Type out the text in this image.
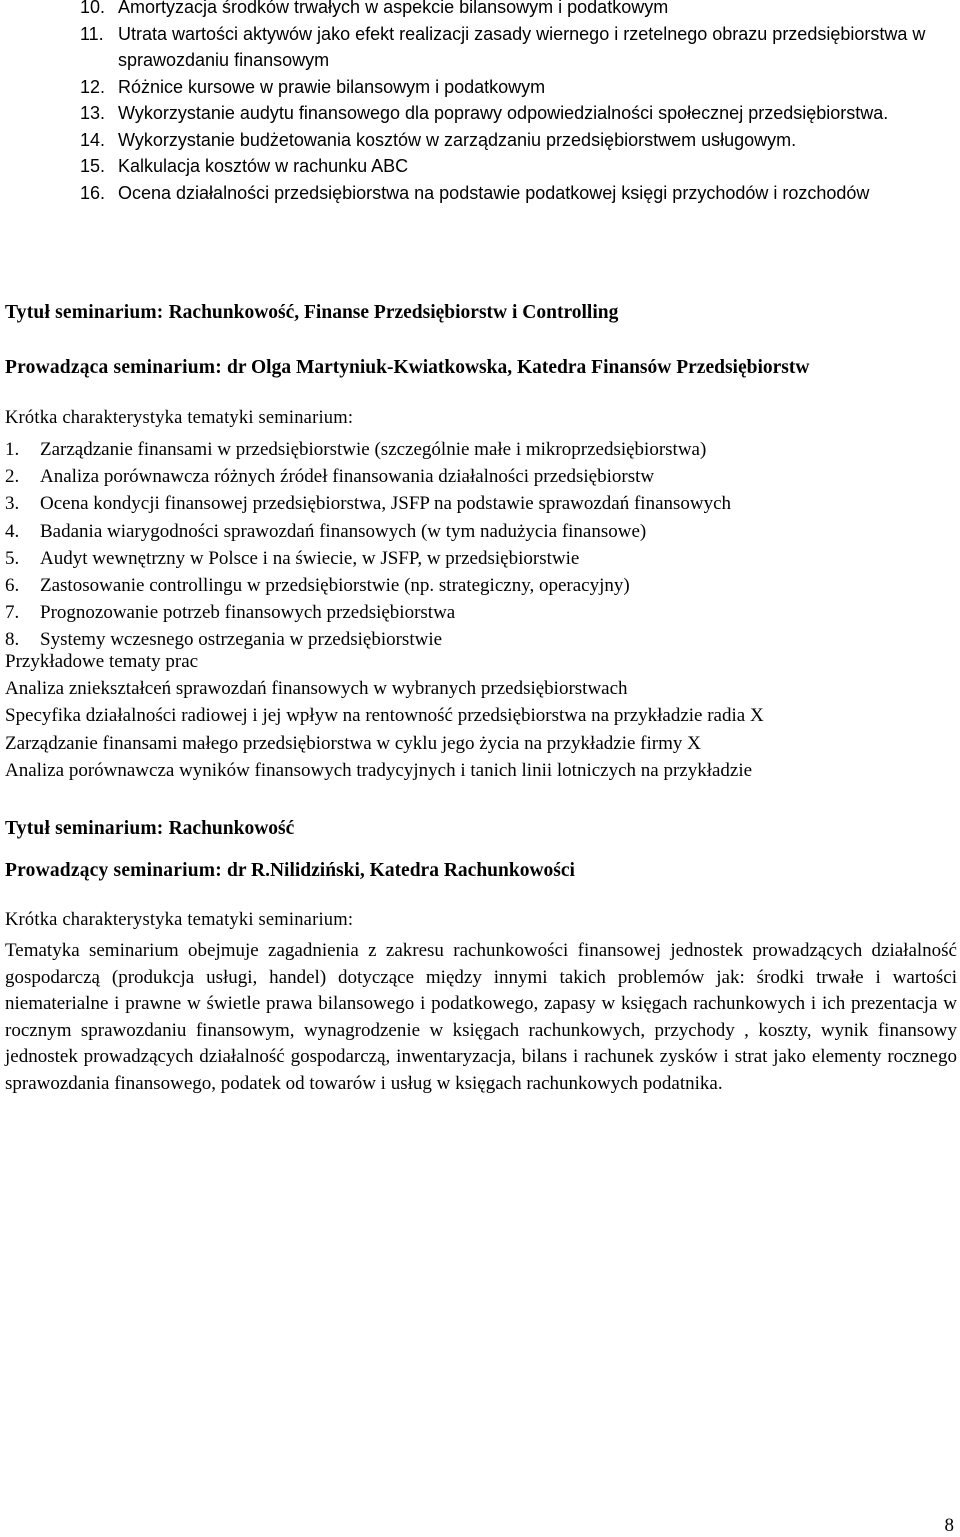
10. Amortyzacja środków trwałych w aspekcie bilansowym i podatkowym
11. Utrata wartości aktywów jako efekt realizacji zasady wiernego i rzetelnego obrazu przedsiębiorstwa w sprawozdaniu finansowym
12. Różnice kursowe w prawie bilansowym i podatkowym
13. Wykorzystanie audytu finansowego dla poprawy odpowiedzialności społecznej przedsiębiorstwa.
14. Wykorzystanie budżetowania kosztów w zarządzaniu przedsiębiorstwem usługowym.
15. Kalkulacja kosztów w rachunku ABC
16. Ocena działalności przedsiębiorstwa na podstawie podatkowej księgi przychodów i rozchodów
Tytuł seminarium: Rachunkowość, Finanse Przedsiębiorstw i Controlling
Prowadząca seminarium: dr Olga Martyniuk-Kwiatkowska, Katedra Finansów Przedsiębiorstw
Krótka charakterystyka tematyki seminarium:
1.	Zarządzanie finansami w przedsiębiorstwie (szczególnie małe i mikroprzedsiębiorstwa)
2.	Analiza porównawcza różnych źródeł finansowania działalności przedsiębiorstw
3.	Ocena kondycji finansowej przedsiębiorstwa, JSFP na podstawie sprawozdań finansowych
4.	Badania wiarygodności sprawozdań finansowych (w tym nadużycia finansowe)
5.	Audyt wewnętrzny w Polsce i na świecie, w JSFP, w przedsiębiorstwie
6.	Zastosowanie controllingu w przedsiębiorstwie (np. strategiczny, operacyjny)
7.	Prognozowanie potrzeb finansowych przedsiębiorstwa
8.	Systemy wczesnego ostrzegania w przedsiębiorstwie
Przykładowe tematy prac
Analiza zniekształceń sprawozdań finansowych w wybranych przedsiębiorstwach
Specyfika działalności radiowej i jej wpływ na rentowność przedsiębiorstwa na przykładzie radia X
Zarządzanie finansami małego przedsiębiorstwa w cyklu jego życia na przykładzie firmy X
Analiza porównawcza wyników finansowych tradycyjnych i tanich linii lotniczych na przykładzie
Tytuł seminarium: Rachunkowość
Prowadzący seminarium: dr R.Nilidziński, Katedra Rachunkowości
Krótka charakterystyka tematyki seminarium:
Tematyka seminarium obejmuje zagadnienia z zakresu rachunkowości finansowej jednostek prowadzących działalność gospodarczą (produkcja usługi, handel) dotyczące między innymi takich problemów jak: środki trwałe i wartości niematerialne i prawne w świetle prawa bilansowego i podatkowego, zapasy w księgach rachunkowych i ich prezentacja w rocznym sprawozdaniu finansowym, wynagrodzenie w księgach rachunkowych, przychody , koszty, wynik finansowy jednostek prowadzących działalność gospodarczą, inwentaryzacja, bilans i rachunek zysków i strat jako elementy rocznego sprawozdania finansowego, podatek od towarów i usług w księgach rachunkowych podatnika.
8
